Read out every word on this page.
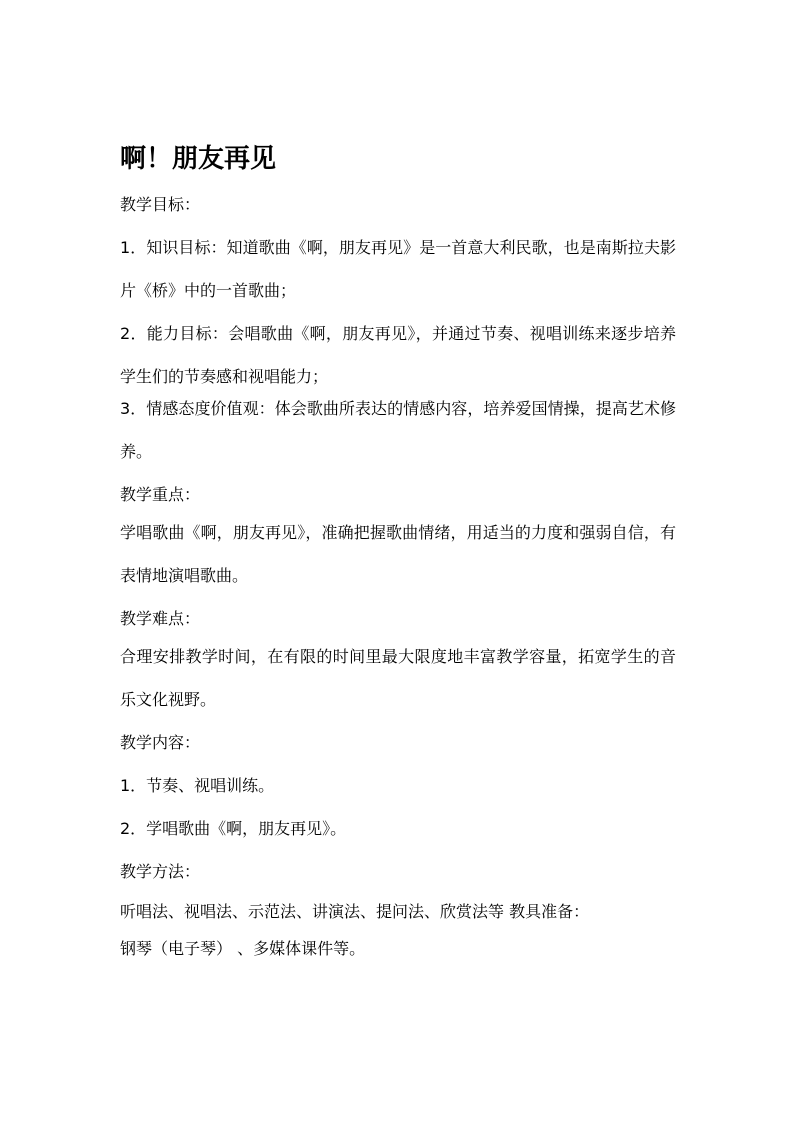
啊！朋友再见

教学目标：

1．知识目标：知道歌曲《啊，朋友再见》是一首意大利民歌，也是南斯拉夫影片《桥》中的一首歌曲；

2．能力目标：会唱歌曲《啊，朋友再见》，并通过节奏、视唱训练来逐步培养学生们的节奏感和视唱能力；

3．情感态度价值观：体会歌曲所表达的情感内容，培养爱国情操，提高艺术修养。

教学重点：

学唱歌曲《啊，朋友再见》，准确把握歌曲情绪，用适当的力度和强弱自信，有表情地演唱歌曲。

教学难点：

合理安排教学时间，在有限的时间里最大限度地丰富教学容量，拓宽学生的音乐文化视野。

教学内容：

1．节奏、视唱训练。

2．学唱歌曲《啊，朋友再见》。

教学方法：

听唱法、视唱法、示范法、讲演法、提问法、欣赏法等 教具准备：

钢琴（电子琴） 、多媒体课件等。
